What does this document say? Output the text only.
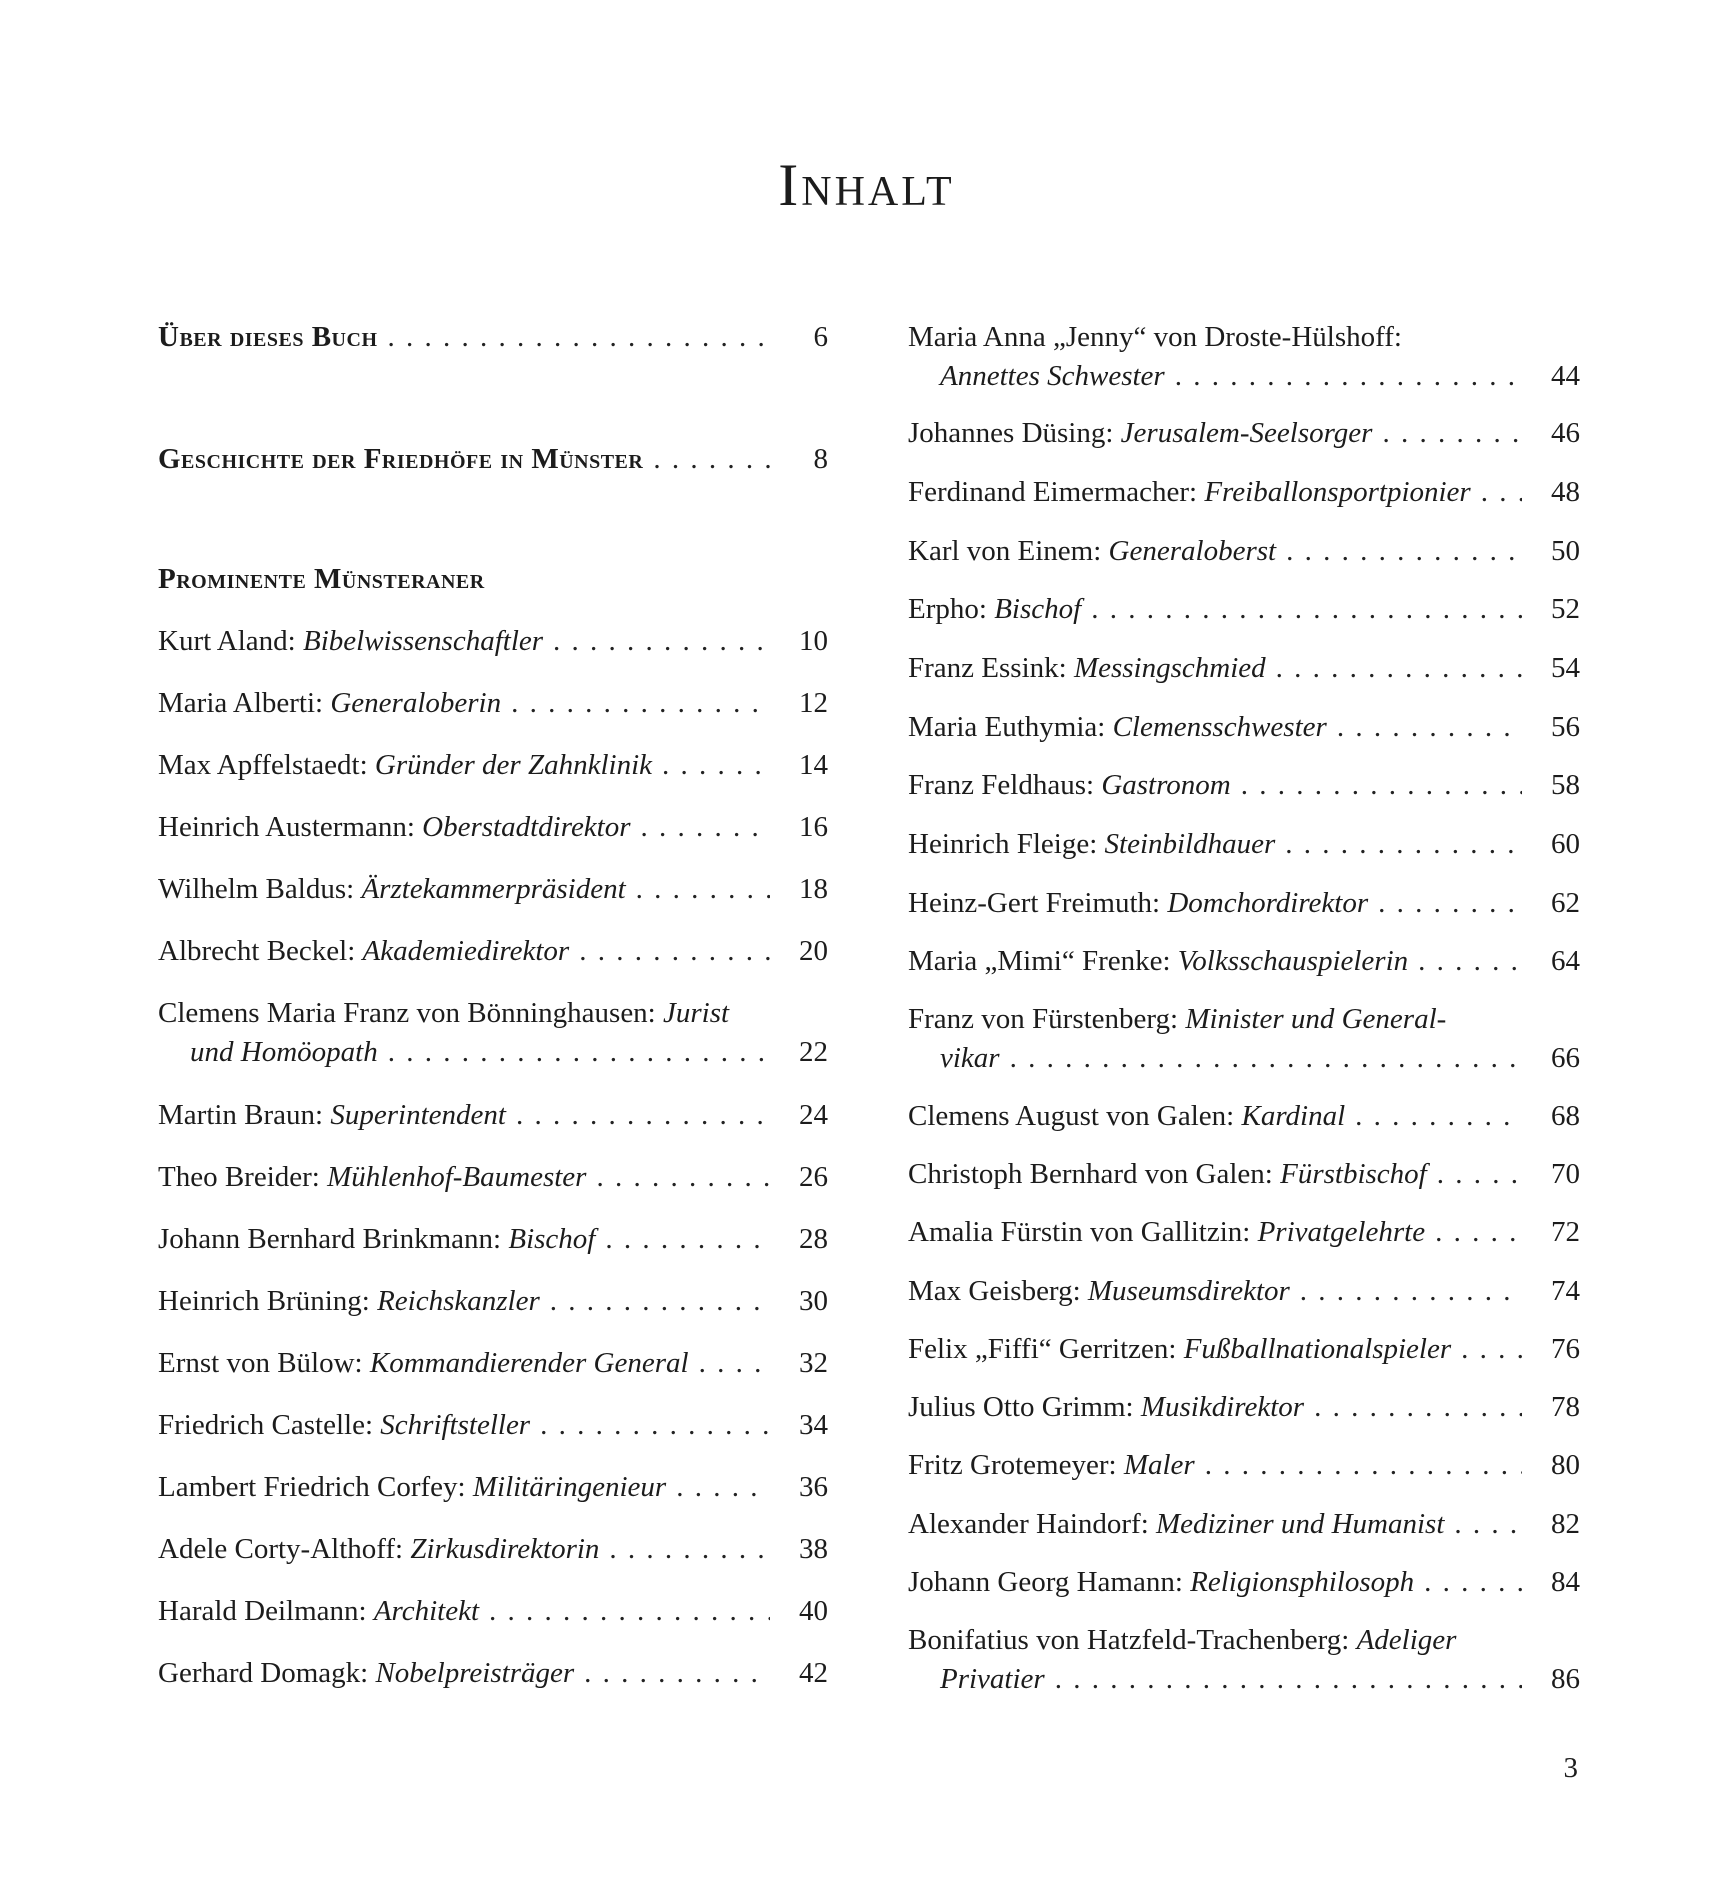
Inhalt
Über dieses Buch . . .	6
Geschichte der Friedhöfe in Münster . . .	8
Prominente Münsteraner
Kurt Aland: Bibelwissenschaftler . . .	10
Maria Alberti: Generaloberin . . .	12
Max Apffelstaedt: Gründer der Zahnklinik . . .	14
Heinrich Austermann: Oberstadtdirektor . . .	16
Wilhelm Baldus: Ärztekammerpräsident . . .	18
Albrecht Beckel: Akademiedirektor . . .	20
Clemens Maria Franz von Bönninghausen: Jurist
und Homöopath . . .	22
Martin Braun: Superintendent . . .	24
Theo Breider: Mühlenhof-Baumester . . .	26
Johann Bernhard Brinkmann: Bischof . . .	28
Heinrich Brüning: Reichskanzler . . .	30
Ernst von Bülow: Kommandierender General . . .	32
Friedrich Castelle: Schriftsteller . . .	34
Lambert Friedrich Corfey: Militäringenieur . . .	36
Adele Corty-Althoff: Zirkusdirektorin . . .	38
Harald Deilmann: Architekt . . .	40
Gerhard Domagk: Nobelpreisträger . . .	42
Maria Anna „Jenny“ von Droste-Hülshoff:
Annettes Schwester . . .	44
Johannes Düsing: Jerusalem-Seelsorger . . .	46
Ferdinand Eimermacher: Freiballonsportpionier . . .	48
Karl von Einem: Generaloberst . . .	50
Erpho: Bischof . . .	52
Franz Essink: Messingschmied . . .	54
Maria Euthymia: Clemensschwester . . .	56
Franz Feldhaus: Gastronom . . .	58
Heinrich Fleige: Steinbildhauer . . .	60
Heinz-Gert Freimuth: Domchordirektor . . .	62
Maria „Mimi“ Frenke: Volksschauspielerin . . .	64
Franz von Fürstenberg: Minister und General-
vikar . . .	66
Clemens August von Galen: Kardinal . . .	68
Christoph Bernhard von Galen: Fürstbischof . . .	70
Amalia Fürstin von Gallitzin: Privatgelehrte . . .	72
Max Geisberg: Museumsdirektor . . .	74
Felix „Fiffi“ Gerritzen: Fußballnationalspieler . . .	76
Julius Otto Grimm: Musikdirektor . . .	78
Fritz Grotemeyer: Maler . . .	80
Alexander Haindorf: Mediziner und Humanist . . .	82
Johann Georg Hamann: Religionsphilosoph . . .	84
Bonifatius von Hatzfeld-Trachenberg: Adeliger
Privatier . . .	86
3
